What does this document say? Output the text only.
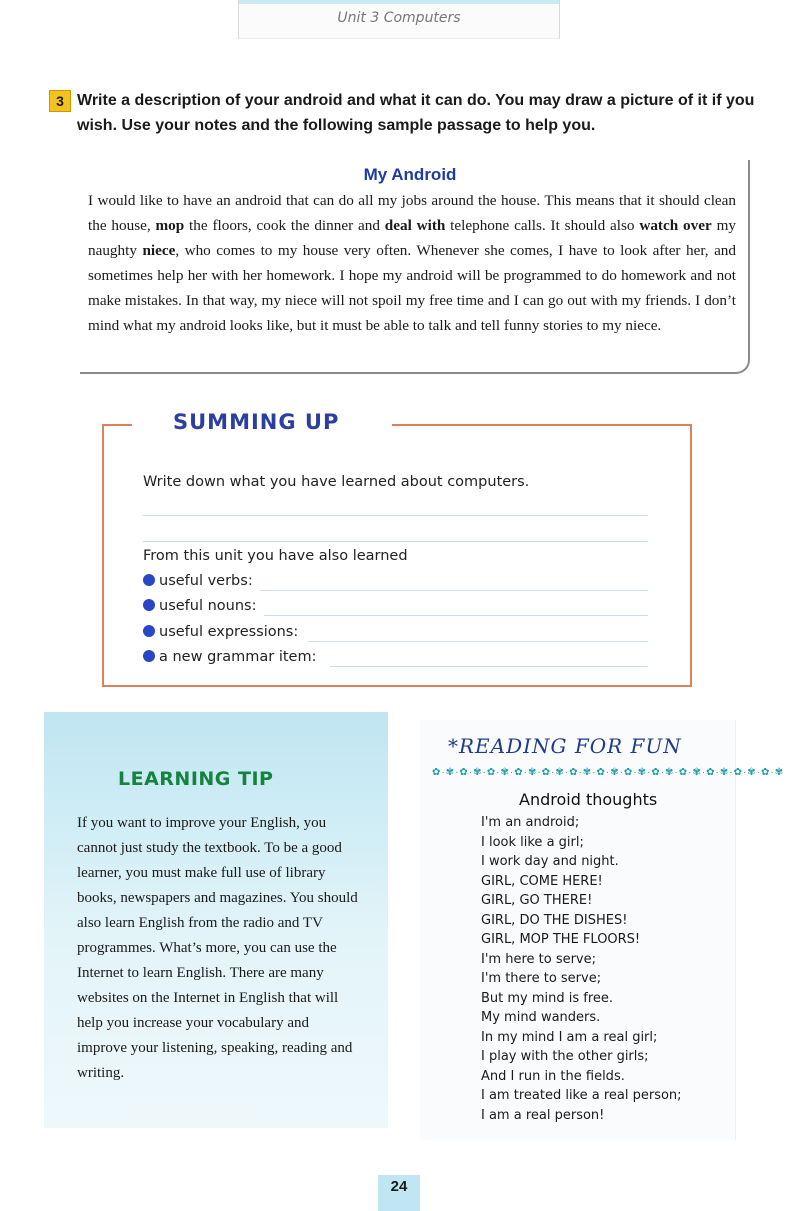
Unit 3 Computers
3 Write a description of your android and what it can do. You may draw a picture of it if you wish. Use your notes and the following sample passage to help you.
My Android
I would like to have an android that can do all my jobs around the house. This means that it should clean the house, mop the floors, cook the dinner and deal with telephone calls. It should also watch over my naughty niece, who comes to my house very often. Whenever she comes, I have to look after her, and sometimes help her with her homework. I hope my android will be programmed to do homework and not make mistakes. In that way, my niece will not spoil my free time and I can go out with my friends. I don’t mind what my android looks like, but it must be able to talk and tell funny stories to my niece.
SUMMING UP
Write down what you have learned about computers.
From this unit you have also learned
useful verbs:
useful nouns:
useful expressions:
a new grammar item:
LEARNING TIP
If you want to improve your English, you cannot just study the textbook. To be a good learner, you must make full use of library books, newspapers and magazines. You should also learn English from the radio and TV programmes. What’s more, you can use the Internet to learn English. There are many websites on the Internet in English that will help you increase your vocabulary and improve your listening, speaking, reading and writing.
*READING FOR FUN
✿·✾·✿·✾·✿·✾·✿·✾·✿·✾·✿·✾·✿·✾·✿·✾·✿·✾·✿·✾·✿·✾·✿·✾·✿·✾
Android thoughts
I'm an android;
I look like a girl;
I work day and night.
GIRL, COME HERE!
GIRL, GO THERE!
GIRL, DO THE DISHES!
GIRL, MOP THE FLOORS!
I'm here to serve;
I'm there to serve;
But my mind is free.
My mind wanders.
In my mind I am a real girl;
I play with the other girls;
And I run in the fields.
I am treated like a real person;
I am a real person!
24
